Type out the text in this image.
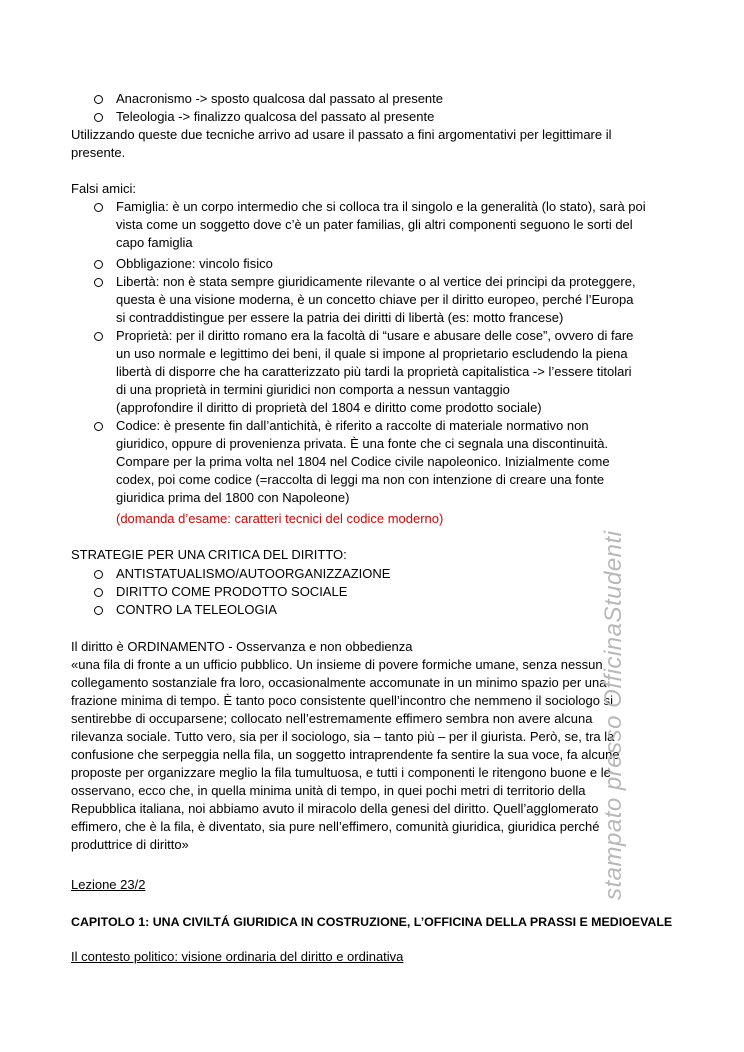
Anacronismo -> sposto qualcosa dal passato al presente
Teleologia -> finalizzo qualcosa del passato al presente
Utilizzando queste due tecniche arrivo ad usare il passato a fini argomentativi per legittimare il
presente.
Falsi amici:
Famiglia: è un corpo intermedio che si colloca tra il singolo e la generalità (lo stato), sarà poi
vista come un soggetto dove c’è un pater familias, gli altri componenti seguono le sorti del
capo famiglia
Obbligazione: vincolo fisico
Libertà: non è stata sempre giuridicamente rilevante o al vertice dei principi da proteggere,
questa è una visione moderna, è un concetto chiave per il diritto europeo, perché l’Europa
si contraddistingue per essere la patria dei diritti di libertà (es: motto francese)
Proprietà: per il diritto romano era la facoltà di “usare e abusare delle cose”, ovvero di fare
un uso normale e legittimo dei beni, il quale si impone al proprietario escludendo la piena
libertà di disporre che ha caratterizzato più tardi la proprietà capitalistica -> l’essere titolari
di una proprietà in termini giuridici non comporta a nessun vantaggio
(approfondire il diritto di proprietà del 1804 e diritto come prodotto sociale)
Codice: è presente fin dall’antichità, è riferito a raccolte di materiale normativo non
giuridico, oppure di provenienza privata. È una fonte che ci segnala una discontinuità.
Compare per la prima volta nel 1804 nel Codice civile napoleonico. Inizialmente come
codex, poi come codice (=raccolta di leggi ma non con intenzione di creare una fonte
giuridica prima del 1800 con Napoleone)
(domanda d’esame: caratteri tecnici del codice moderno)
STRATEGIE PER UNA CRITICA DEL DIRITTO:
ANTISTATUALISMO/AUTOORGANIZZAZIONE
DIRITTO COME PRODOTTO SOCIALE
CONTRO LA TELEOLOGIA
Il diritto è ORDINAMENTO - Osservanza e non obbedienza
«una fila di fronte a un ufficio pubblico. Un insieme di povere formiche umane, senza nessun
collegamento sostanziale fra loro, occasionalmente accomunate in un minimo spazio per una
frazione minima di tempo. È tanto poco consistente quell’incontro che nemmeno il sociologo si
sentirebbe di occuparsene; collocato nell’estremamente effimero sembra non avere alcuna
rilevanza sociale. Tutto vero, sia per il sociologo, sia – tanto più – per il giurista. Però, se, tra la
confusione che serpeggia nella fila, un soggetto intraprendente fa sentire la sua voce, fa alcune
proposte per organizzare meglio la fila tumultuosa, e tutti i componenti le ritengono buone e le
osservano, ecco che, in quella minima unità di tempo, in quei pochi metri di territorio della
Repubblica italiana, noi abbiamo avuto il miracolo della genesi del diritto. Quell’agglomerato
effimero, che è la fila, è diventato, sia pure nell’effimero, comunità giuridica, giuridica perché
produttrice di diritto»
Lezione 23/2
CAPITOLO 1: UNA CIVILTÁ GIURIDICA IN COSTRUZIONE, L’OFFICINA DELLA PRASSI E MEDIOEVALE
Il contesto politico: visione ordinaria del diritto e ordinativa
stampato presso OfficinaStudenti
